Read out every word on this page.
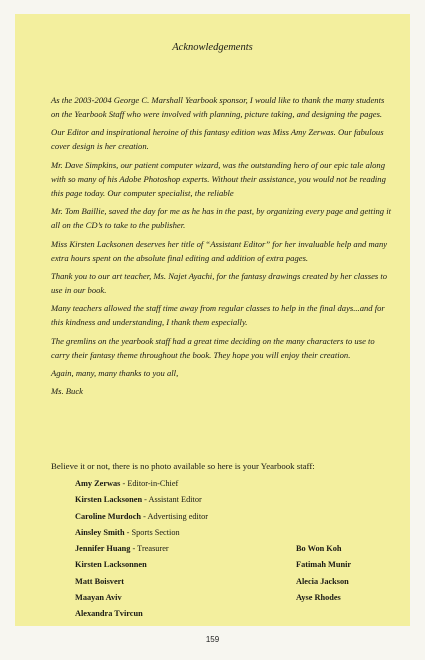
Acknowledgements

As the 2003-2004 George C. Marshall Yearbook sponsor, I would like to thank the many students on the Yearbook Staff who were involved with planning, picture taking, and designing the pages.

Our Editor and inspirational heroine of this fantasy edition was Miss Amy Zerwas. Our fabulous cover design is her creation.

Mr. Dave Simpkins, our patient computer wizard, was the outstanding hero of our epic tale along with so many of his Adobe Photoshop experts. Without their assistance, you would not be reading this page today. Our computer specialist, the reliable

Mr. Tom Baillie, saved the day for me as he has in the past, by organizing every page and getting it all on the CD’s to take to the publisher.

Miss Kirsten Lacksonen deserves her title of “Assistant Editor” for her invaluable help and many extra hours spent on the absolute final editing and addition of extra pages.

Thank you to our art teacher, Ms. Najet Ayachi, for the fantasy drawings created by her classes to use in our book.

Many teachers allowed the staff time away from regular classes to help in the final days...and for this kindness and understanding, I thank them especially.

The gremlins on the yearbook staff had a great time deciding on the many characters to use to carry their fantasy theme throughout the book. They hope you will enjoy their creation.

Again, many, many thanks to you all,

Ms. Buck

Believe it or not, there is no photo available so here is your Yearbook staff:
Amy Zerwas - Editor-in-Chief
Kirsten Lacksonen - Assistant Editor
Caroline Murdoch - Advertising editor
Ainsley Smith - Sports Section
Jennifer Huang - Treasurer
Kirsten Lacksonnen
Matt Boisvert
Maayan Aviv
Alexandra Tvircun
Bo Won Koh
Fatimah Munir
Alecia Jackson
Ayse Rhodes
159
